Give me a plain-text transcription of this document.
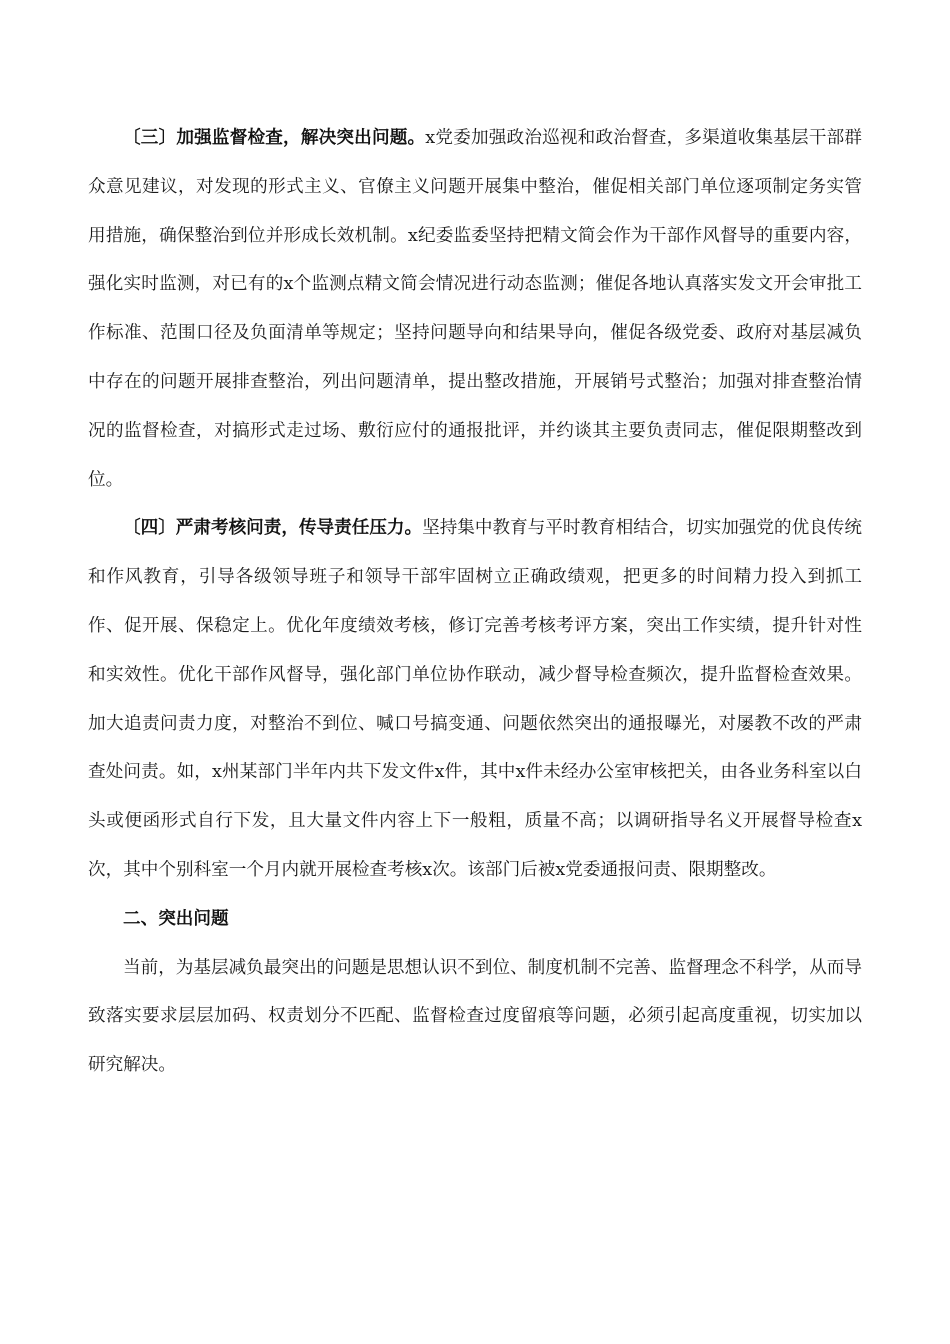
〔三〕加强监督检查，解决突出问题。x党委加强政治巡视和政治督查，多渠道收集基层干部群众意见建议，对发现的形式主义、官僚主义问题开展集中整治，催促相关部门单位逐项制定务实管用措施，确保整治到位并形成长效机制。x纪委监委坚持把精文简会作为干部作风督导的重要内容，强化实时监测，对已有的x个监测点精文简会情况进行动态监测；催促各地认真落实发文开会审批工作标准、范围口径及负面清单等规定；坚持问题导向和结果导向，催促各级党委、政府对基层减负中存在的问题开展排查整治，列出问题清单，提出整改措施，开展销号式整治；加强对排查整治情况的监督检查，对搞形式走过场、敷衍应付的通报批评，并约谈其主要负责同志，催促限期整改到位。

〔四〕严肃考核问责，传导责任压力。坚持集中教育与平时教育相结合，切实加强党的优良传统和作风教育，引导各级领导班子和领导干部牢固树立正确政绩观，把更多的时间精力投入到抓工作、促开展、保稳定上。优化年度绩效考核，修订完善考核考评方案，突出工作实绩，提升针对性和实效性。优化干部作风督导，强化部门单位协作联动，减少督导检查频次，提升监督检查效果。加大追责问责力度，对整治不到位、喊口号搞变通、问题依然突出的通报曝光，对屡教不改的严肃查处问责。如，x州某部门半年内共下发文件x件，其中x件未经办公室审核把关，由各业务科室以白头或便函形式自行下发，且大量文件内容上下一般粗，质量不高；以调研指导名义开展督导检查x次，其中个别科室一个月内就开展检查考核x次。该部门后被x党委通报问责、限期整改。

二、突出问题

当前，为基层减负最突出的问题是思想认识不到位、制度机制不完善、监督理念不科学，从而导致落实要求层层加码、权责划分不匹配、监督检查过度留痕等问题，必须引起高度重视，切实加以研究解决。
